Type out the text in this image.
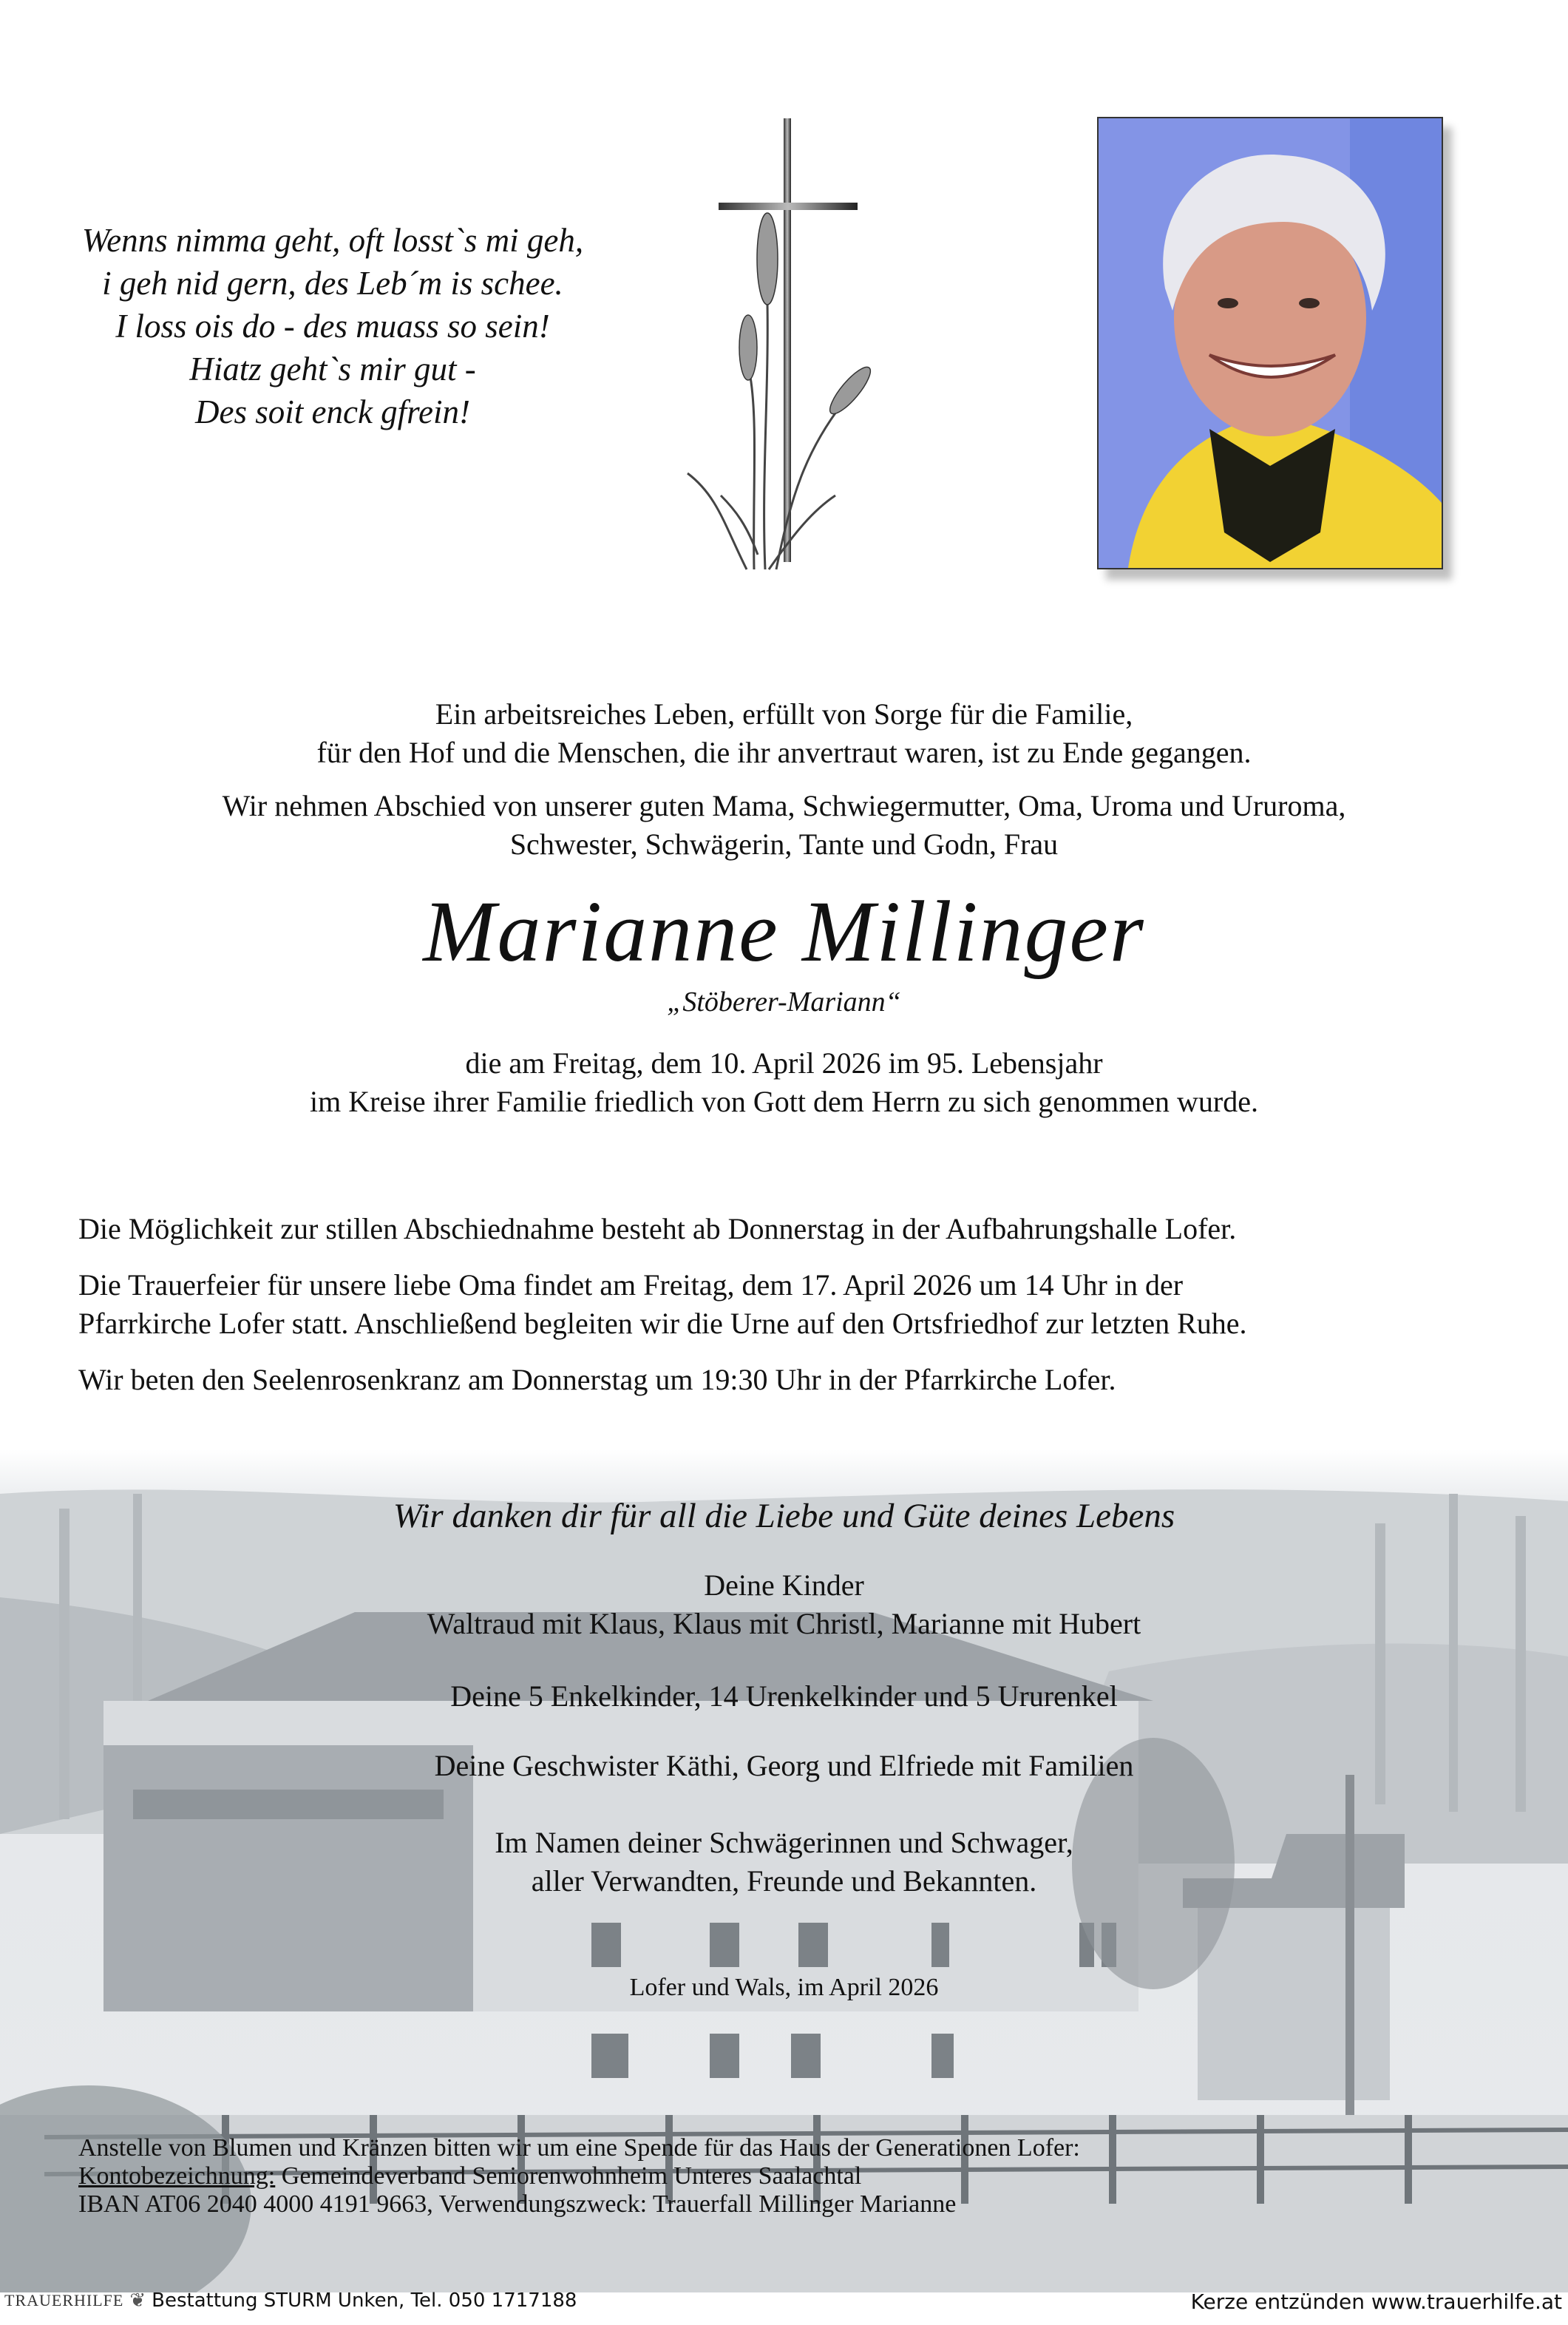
Wenns nimma geht, oft losst`s mi geh,
i geh nid gern, des Leb´m is schee.
I loss ois do - des muass so sein!
Hiatz geht`s mir gut -
Des soit enck gfrein!
Ein arbeitsreiches Leben, erfüllt von Sorge für die Familie,
für den Hof und die Menschen, die ihr anvertraut waren, ist zu Ende gegangen.
Wir nehmen Abschied von unserer guten Mama, Schwiegermutter, Oma, Uroma und Ururoma,
Schwester, Schwägerin, Tante und Godn, Frau
Marianne Millinger
„Stöberer-Mariann“
die am Freitag, dem 10. April 2026 im 95. Lebensjahr
im Kreise ihrer Familie friedlich von Gott dem Herrn zu sich genommen wurde.

Die Möglichkeit zur stillen Abschiednahme besteht ab Donnerstag in der Aufbahrungshalle Lofer.

Die Trauerfeier für unsere liebe Oma findet am Freitag, dem 17. April 2026 um 14 Uhr in der
Pfarrkirche Lofer statt. Anschließend begleiten wir die Urne auf den Ortsfriedhof zur letzten Ruhe.

Wir beten den Seelenrosenkranz am Donnerstag um 19:30 Uhr in der Pfarrkirche Lofer.

Wir danken dir für all die Liebe und Güte deines Lebens
Deine Kinder
Waltraud mit Klaus, Klaus mit Christl, Marianne mit Hubert
Deine 5 Enkelkinder, 14 Urenkelkinder und 5 Ururenkel
Deine Geschwister Käthi, Georg und Elfriede mit Familien
Im Namen deiner Schwägerinnen und Schwager,
aller Verwandten, Freunde und Bekannten.
Lofer und Wals, im April 2026
Anstelle von Blumen und Kränzen bitten wir um eine Spende für das Haus der Generationen Lofer:
Kontobezeichnung: Gemeindeverband Seniorenwohnheim Unteres Saalachtal
IBAN AT06 2040 4000 4191 9663, Verwendungszweck: Trauerfall Millinger Marianne
TRAUERHILFE ❦ Bestattung STURM Unken, Tel. 050 1717188	Kerze entzünden www.trauerhilfe.at
